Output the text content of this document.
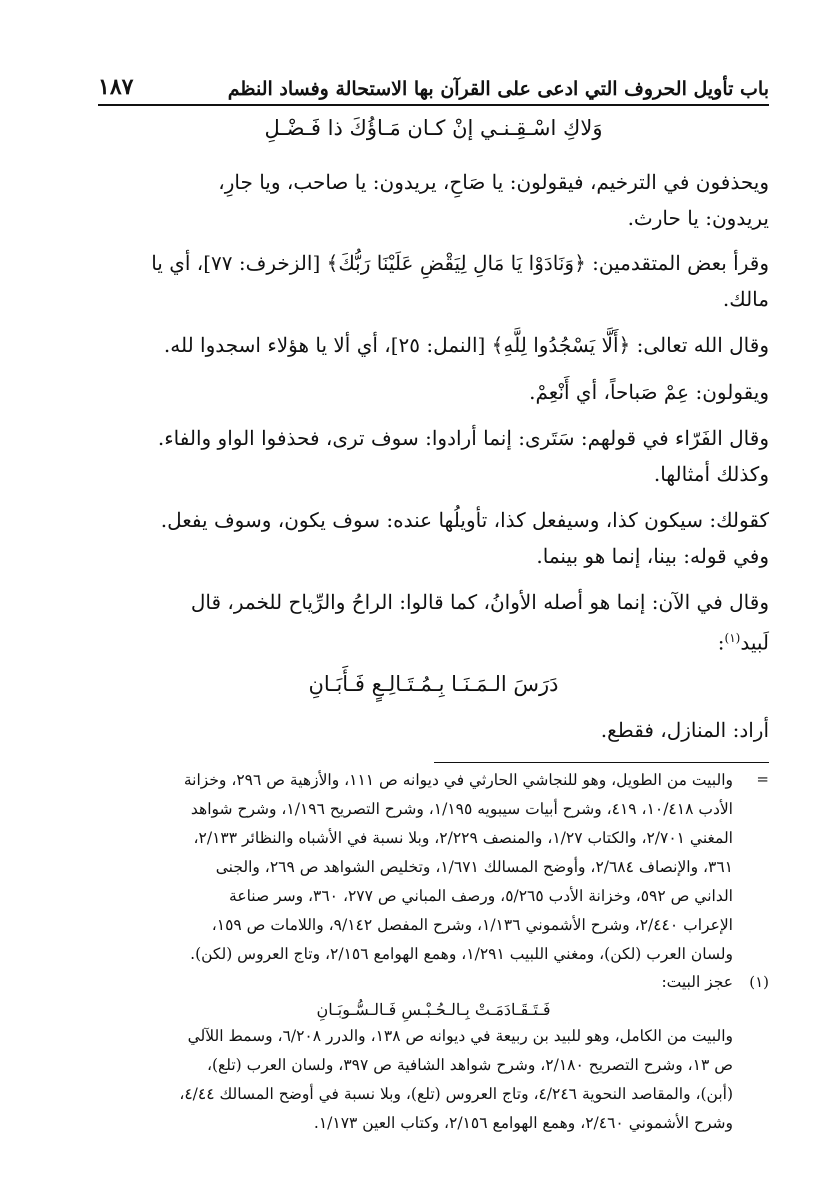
باب تأويل الحروف التي ادعى على القرآن بها الاستحالة وفساد النظم
١٨٧
وَلاكِ اسْـقِـنـي إنْ كـان مَـاؤُكَ ذا فَـضْـلِ
ويحذفون في الترخيم، فيقولون: يا صَاحِ، يريدون: يا صاحب، ويا جارِ،
يريدون: يا حارث.
وقرأ بعض المتقدمين: ﴿وَنَادَوْا يَا مَالِ لِيَقْضِ عَلَيْنَا رَبُّكَ﴾ [الزخرف: ٧٧]، أي يا
مالك.
وقال الله تعالى: ﴿أَلَّا يَسْجُدُوا لِلَّهِ﴾ [النمل: ٢٥]، أي ألا يا هؤلاء اسجدوا لله.
ويقولون: عِمْ صَباحاً، أي أَنْعِمْ.
وقال الفَرّاء في قولهم: سَتَرى: إنما أرادوا: سوف ترى، فحذفوا الواو والفاء.
وكذلك أمثالها.
كقولك: سيكون كذا، وسيفعل كذا، تأويلُها عنده: سوف يكون، وسوف يفعل.
وفي قوله: بينا، إنما هو بينما.
وقال في الآن: إنما هو أصله الأوانُ، كما قالوا: الراحُ والرِّياح للخمر، قال
لَبيد$^{(١)}$:
دَرَسَ الـمَـنَـا بِـمُـتَـالِـعٍ فَـأَبَـانِ
أراد: المنازل، فقطع.
=
والبيت من الطويل، وهو للنجاشي الحارثي في ديوانه ص ١١١، والأزهية ص ٢٩٦، وخزانة
الأدب ١٠/٤١٨، ٤١٩، وشرح أبيات سيبويه ١/١٩٥، وشرح التصريح ١/١٩٦، وشرح شواهد
المغني ٢/٧٠١، والكتاب ١/٢٧، والمنصف ٢/٢٢٩، وبلا نسبة في الأشباه والنظائر ٢/١٣٣،
٣٦١، والإنصاف ٢/٦٨٤، وأوضح المسالك ١/٦٧١، وتخليص الشواهد ص ٢٦٩، والجنى
الداني ص ٥٩٢، وخزانة الأدب ٥/٢٦٥، ورصف المباني ص ٢٧٧، ٣٦٠، وسر صناعة
الإعراب ٢/٤٤٠، وشرح الأشموني ١/١٣٦، وشرح المفصل ٩/١٤٢، واللامات ص ١٥٩،
ولسان العرب (لكن)، ومغني اللبيب ١/٢٩١، وهمع الهوامع ٢/١٥٦، وتاج العروس (لكن).
(١)
عجز البيت:
فَـتَـقَـادَمَـتْ بِـالـحُـبْـسِ فَـالـسُّـوبَـانِ
والبيت من الكامل، وهو للبيد بن ربيعة في ديوانه ص ١٣٨، والدرر ٦/٢٠٨، وسمط اللآلي
ص ١٣، وشرح التصريح ٢/١٨٠، وشرح شواهد الشافية ص ٣٩٧، ولسان العرب (تلع)،
(أبن)، والمقاصد النحوية ٤/٢٤٦، وتاج العروس (تلع)، وبلا نسبة في أوضح المسالك ٤/٤٤،
وشرح الأشموني ٢/٤٦٠، وهمع الهوامع ٢/١٥٦، وكتاب العين ١/١٧٣.
